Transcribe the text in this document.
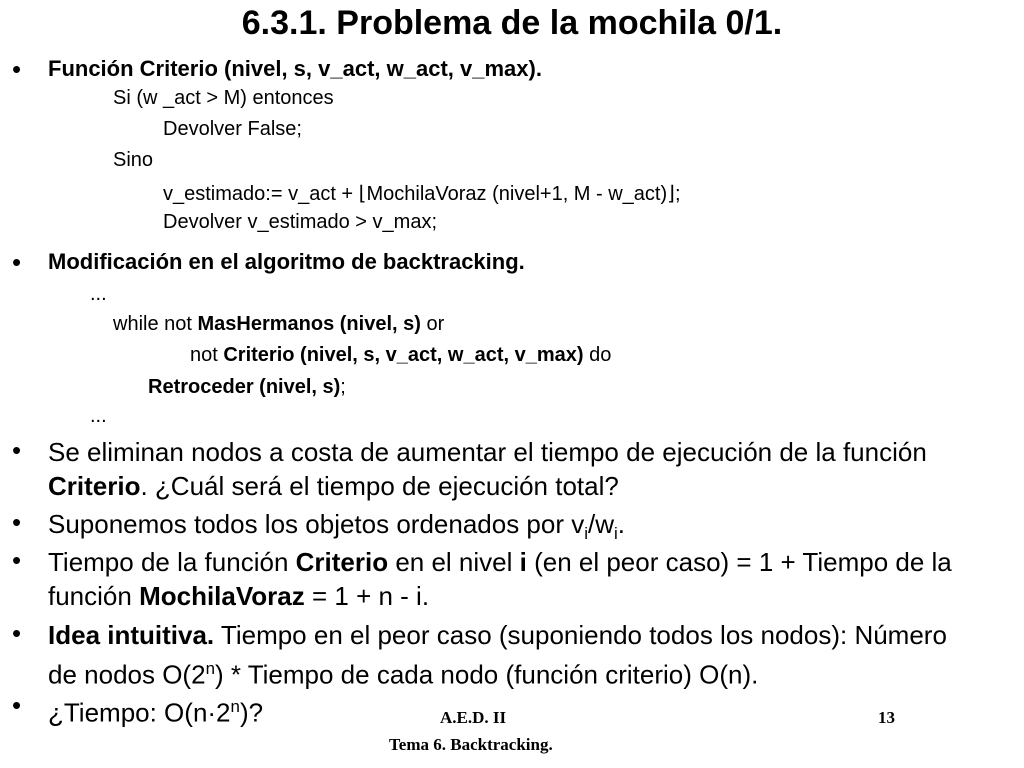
6.3.1. Problema de la mochila 0/1.
• Función Criterio (nivel, s, v_act, w_act, v_max).
Si (w _act > M) entonces
Devolver False;
Sino
v_estimado:= v_act + ⌊MochilaVoraz (nivel+1, M - w_act)⌋;
Devolver v_estimado > v_max;
• Modificación en el algoritmo de backtracking.
...
while not MasHermanos (nivel, s) or
not Criterio (nivel, s, v_act, w_act, v_max) do
Retroceder (nivel, s);
...
• Se eliminan nodos a costa de aumentar el tiempo de ejecución de la función Criterio. ¿Cuál será el tiempo de ejecución total?
• Suponemos todos los objetos ordenados por $v_i/w_i$.
• Tiempo de la función Criterio en el nivel i (en el peor caso) = 1 + Tiempo de la función MochilaVoraz = 1 + n - i.
• Idea intuitiva. Tiempo en el peor caso (suponiendo todos los nodos): Número de nodos O(2$^n$) * Tiempo de cada nodo (función criterio) O(n).
• ¿Tiempo: $O(n\cdot 2^n)$?	A.E.D. II
Tema 6. Backtracking.
13
